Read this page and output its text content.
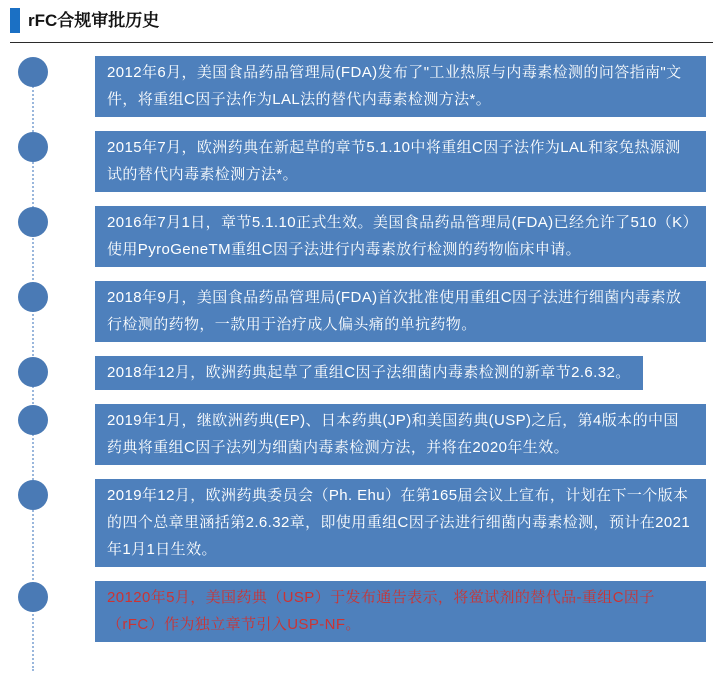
rFC合规审批历史
2012年6月，美国食品药品管理局(FDA)发布了"工业热原与内毒素检测的问答指南"文件，将重组C因子法作为LAL法的替代内毒素检测方法*。
2015年7月，欧洲药典在新起草的章节5.1.10中将重组C因子法作为LAL和家兔热源测试的替代内毒素检测方法*。
2016年7月1日，章节5.1.10正式生效。美国食品药品管理局(FDA)已经允许了510（K）使用PyroGeneTM重组C因子法进行内毒素放行检测的药物临床申请。
2018年9月，美国食品药品管理局(FDA)首次批准使用重组C因子法进行细菌内毒素放行检测的药物，一款用于治疗成人偏头痛的单抗药物。
2018年12月，欧洲药典起草了重组C因子法细菌内毒素检测的新章节2.6.32。
2019年1月，继欧洲药典(EP)、日本药典(JP)和美国药典(USP)之后，第4版本的中国药典将重组C因子法列为细菌内毒素检测方法，并将在2020年生效。
2019年12月，欧洲药典委员会（Ph. Ehu）在第165届会议上宣布，计划在下一个版本的四个总章里涵括第2.6.32章，即使用重组C因子法进行细菌内毒素检测，预计在2021年1月1日生效。
20120年5月，美国药典（USP）于发布通告表示，将鲎试剂的替代品-重组C因子（rFC）作为独立章节引入USP-NF。
